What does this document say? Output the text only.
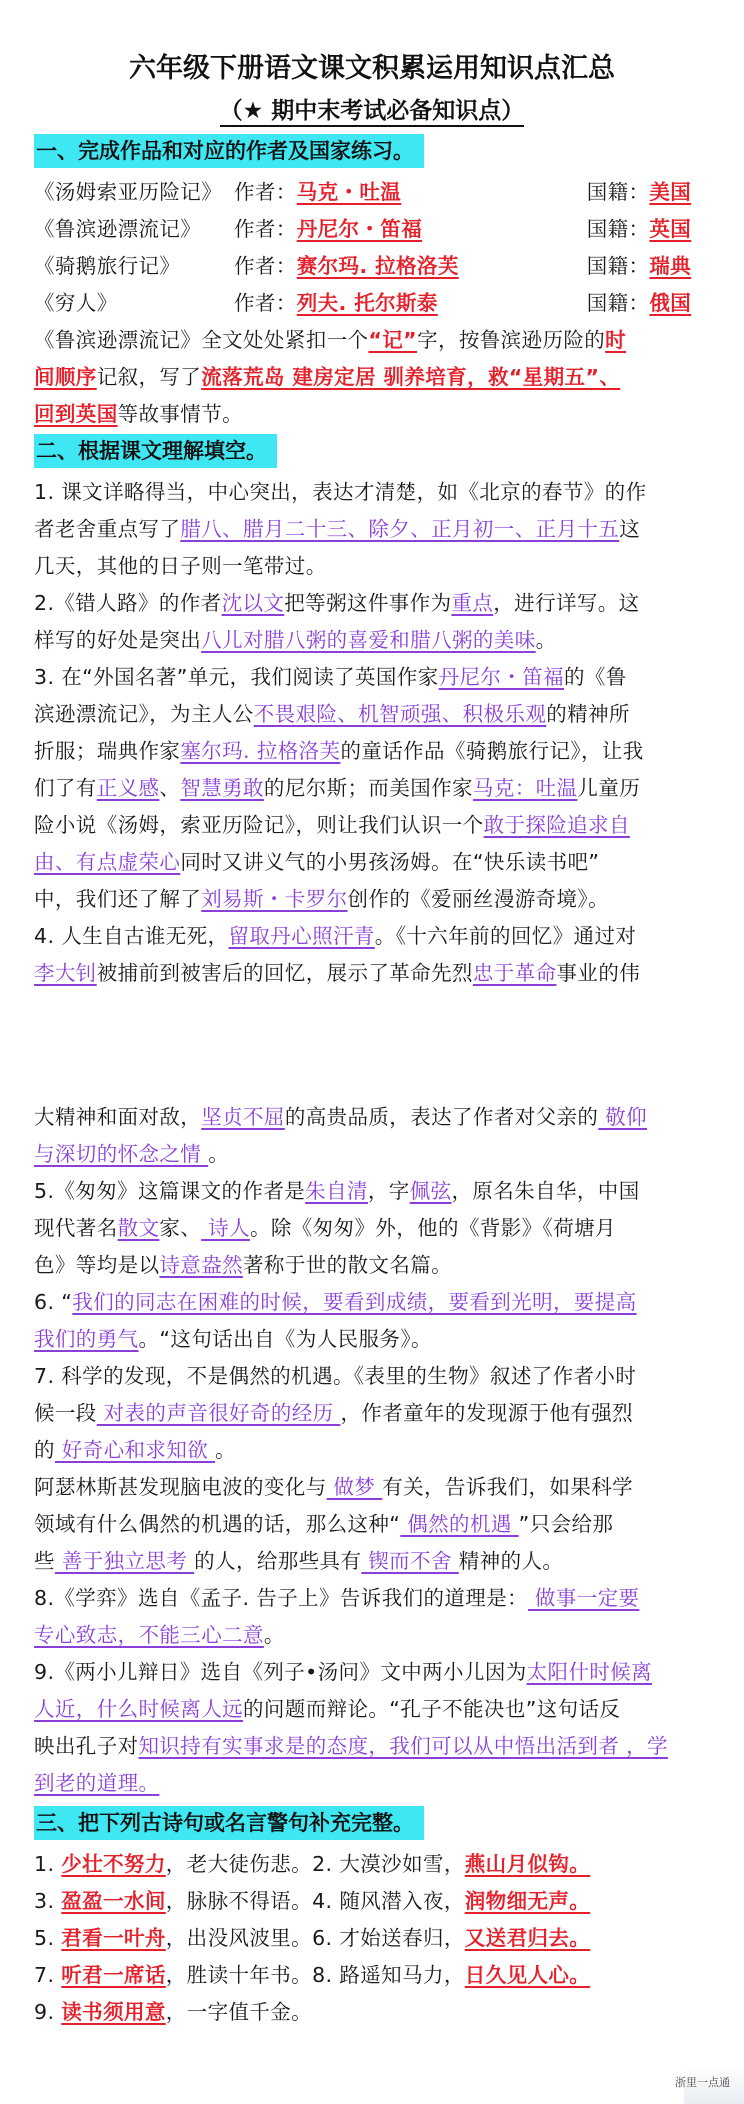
六年级下册语文课文积累运用知识点汇总
（★ 期中末考试必备知识点）
一、完成作品和对应的作者及国家练习。
《汤姆索亚历险记》 作者：马克・吐温	国籍：美国
《鲁滨逊漂流记》 作者：丹尼尔・笛福	国籍：英国
《骑鹅旅行记》	作者：赛尔玛. 拉格洛芙	国籍：瑞典
《穷人》	作者：列夫. 托尔斯泰	国籍：俄国
《鲁滨逊漂流记》全文处处紧扣一个“记”字，按鲁滨逊历险的时
间顺序记叙，写了流落荒岛 建房定居 驯养培育，救“星期五”、
回到英国等故事情节。
二、根据课文理解填空。
1. 课文详略得当，中心突出，表达才清楚，如《北京的春节》的作
者老舍重点写了腊八、腊月二十三、除夕、正月初一、正月十五这
几天，其他的日子则一笔带过。
2.《错人路》的作者沈以文把等粥这件事作为重点，进行详写。这
样写的好处是突出八儿对腊八粥的喜爱和腊八粥的美味。
3. 在“外国名著”单元，我们阅读了英国作家丹尼尔・笛福的《鲁
滨逊漂流记》，为主人公不畏艰险、机智顽强、积极乐观的精神所
折服；瑞典作家塞尔玛. 拉格洛芙的童话作品《骑鹅旅行记》，让我
们了有正义感、智慧勇敢的尼尔斯；而美国作家马克：吐温儿童历
险小说《汤姆，索亚历险记》，则让我们认识一个敢于探险追求自
由、有点虚荣心同时又讲义气的小男孩汤姆。在“快乐读书吧”
中，我们还了解了刘易斯・卡罗尔创作的《爱丽丝漫游奇境》。
4. 人生自古谁无死，留取丹心照汗青。《十六年前的回忆》通过对
李大钊被捕前到被害后的回忆，展示了革命先烈忠于革命事业的伟
大精神和面对敌，坚贞不屈的高贵品质，表达了作者对父亲的 敬仰
与深切的怀念之情 。
5.《匆匆》这篇课文的作者是朱自清，字佩弦，原名朱自华，中国
现代著名散文家、 诗人。除《匆匆》外，他的《背影》《荷塘月
色》等均是以诗意盎然著称于世的散文名篇。
6. “我们的同志在困难的时候，要看到成绩，要看到光明，要提高
我们的勇气。“这句话出自《为人民服务》。
7. 科学的发现，不是偶然的机遇。《表里的生物》叙述了作者小时
候一段 对表的声音很好奇的经历 ，作者童年的发现源于他有强烈
的 好奇心和求知欲 。
阿瑟林斯甚发现脑电波的变化与 做梦 有关，告诉我们，如果科学
领域有什么偶然的机遇的话，那么这种“ 偶然的机遇 ”只会给那
些 善于独立思考 的人，给那些具有 锲而不舍 精神的人。
8.《学弈》选自《孟子. 告子上》告诉我们的道理是： 做事一定要
专心致志，不能三心二意。
9.《两小儿辩日》选自《列子•汤问》文中两小儿因为太阳什时候离
人近，什么时候离人远的问题而辩论。“孔子不能决也”这句话反
映出孔子对知识持有实事求是的态度，我们可以从中悟出活到者 ，学
到老的道理。
三、把下列古诗句或名言警句补充完整。
1. 少壮不努力，老大徒伤悲。2. 大漠沙如雪，燕山月似钩。
3. 盈盈一水间，脉脉不得语。4. 随风潜入夜，润物细无声。
5. 君看一叶舟，出没风波里。6. 才始送春归，又送君归去。
7. 听君一席话，胜读十年书。8. 路遥知马力，日久见人心。
9. 读书须用意，一字值千金。
浙里一点通
